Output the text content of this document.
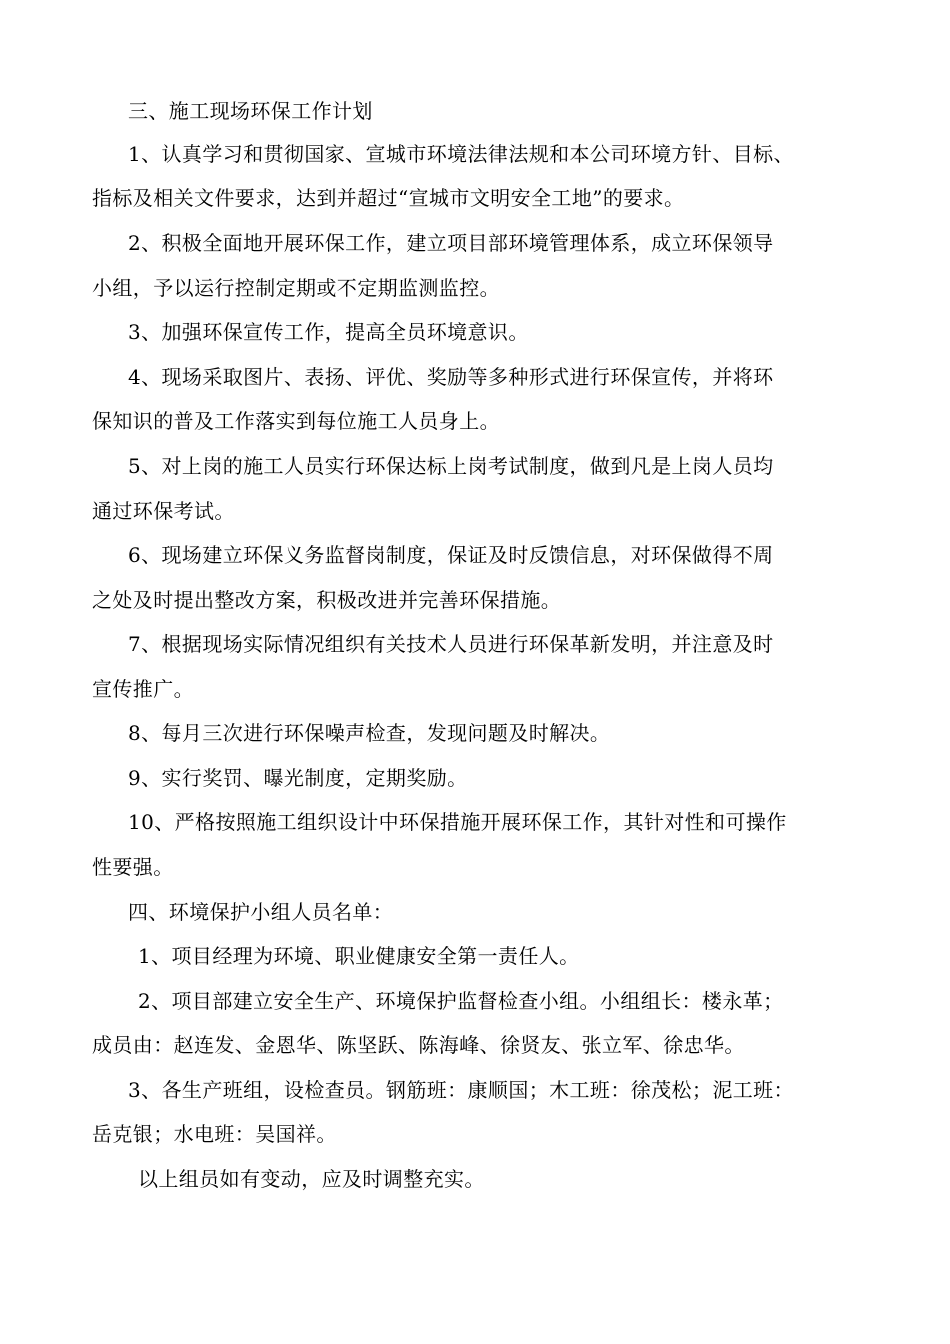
三、施工现场环保工作计划
1、认真学习和贯彻国家、宣城市环境法律法规和本公司环境方针、目标、
指标及相关文件要求，达到并超过“宣城市文明安全工地”的要求。
2、积极全面地开展环保工作，建立项目部环境管理体系，成立环保领导
小组，予以运行控制定期或不定期监测监控。
3、加强环保宣传工作，提高全员环境意识。
4、现场采取图片、表扬、评优、奖励等多种形式进行环保宣传，并将环
保知识的普及工作落实到每位施工人员身上。
5、对上岗的施工人员实行环保达标上岗考试制度，做到凡是上岗人员均
通过环保考试。
6、现场建立环保义务监督岗制度，保证及时反馈信息，对环保做得不周
之处及时提出整改方案，积极改进并完善环保措施。
7、根据现场实际情况组织有关技术人员进行环保革新发明，并注意及时
宣传推广。
8、每月三次进行环保噪声检查，发现问题及时解决。
9、实行奖罚、曝光制度，定期奖励。
10、严格按照施工组织设计中环保措施开展环保工作，其针对性和可操作
性要强。
四、环境保护小组人员名单：
1、项目经理为环境、职业健康安全第一责任人。
2、项目部建立安全生产、环境保护监督检查小组。小组组长：楼永革；
成员由：赵连发、金恩华、陈坚跃、陈海峰、徐贤友、张立军、徐忠华。
3、各生产班组，设检查员。钢筋班：康顺国；木工班：徐茂松；泥工班：
岳克银；水电班：吴国祥。
以上组员如有变动，应及时调整充实。
